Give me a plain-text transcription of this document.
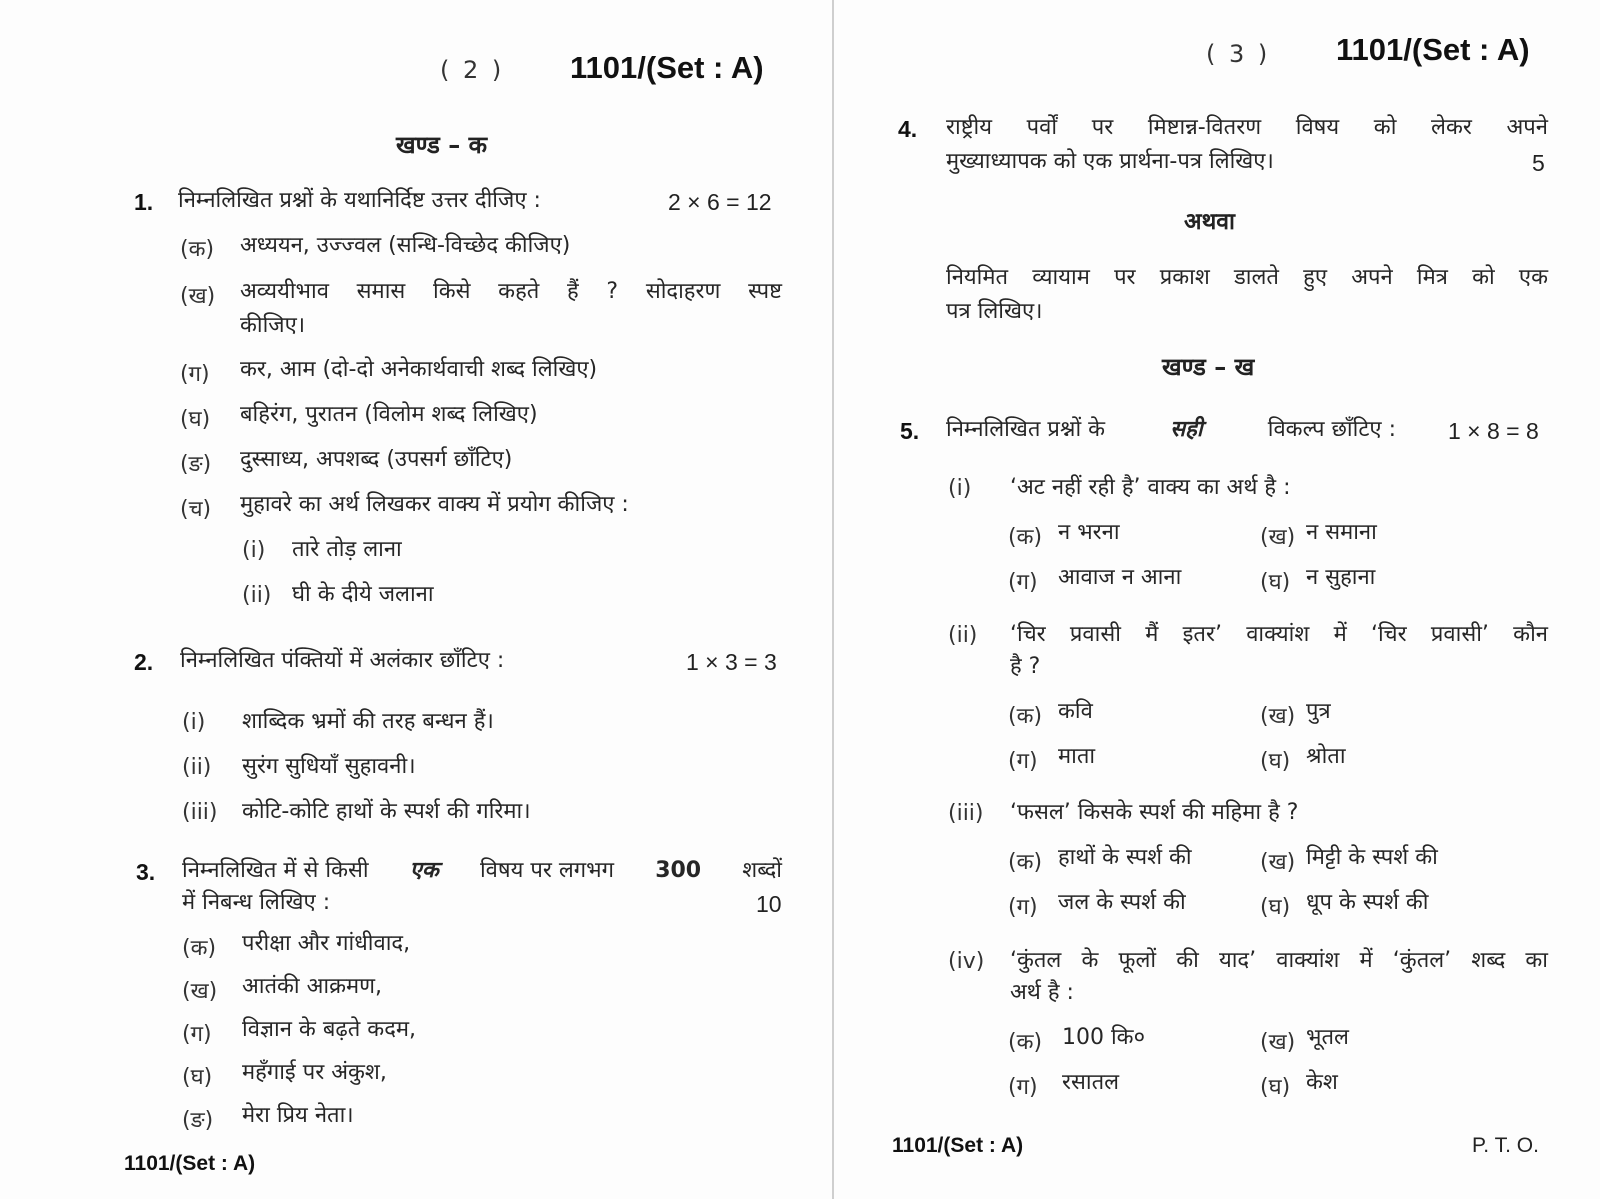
( 2 ) 1101/(Set : A)
खण्ड – क
1. निम्नलिखित प्रश्नों के यथानिर्दिष्ट उत्तर दीजिए :	2 × 6 = 12
(क) अध्ययन, उज्ज्वल (सन्धि-विच्छेद कीजिए)
(ख) अव्ययीभाव समास किसे कहते हैं ? सोदाहरण स्पष्ट
कीजिए।
(ग) कर, आम (दो-दो अनेकार्थवाची शब्द लिखिए)
(घ) बहिरंग, पुरातन (विलोम शब्द लिखिए)
(ङ) दुस्साध्य, अपशब्द (उपसर्ग छाँटिए)
(च) मुहावरे का अर्थ लिखकर वाक्य में प्रयोग कीजिए :
(i) तारे तोड़ लाना
(ii) घी के दीये जलाना
2. निम्नलिखित पंक्तियों में अलंकार छाँटिए :	1 × 3 = 3
(i) शाब्दिक भ्रमों की तरह बन्धन हैं।
(ii) सुरंग सुधियाँ सुहावनी।
(iii) कोटि-कोटि हाथों के स्पर्श की गरिमा।
3. निम्नलिखित में से किसी एक विषय पर लगभग 300 शब्दों
में निबन्ध लिखिए :	10
(क) परीक्षा और गांधीवाद,
(ख) आतंकी आक्रमण,
(ग) विज्ञान के बढ़ते कदम,
(घ) महँगाई पर अंकुश,
(ङ) मेरा प्रिय नेता।
1101/(Set : A)
( 3 ) 1101/(Set : A)
4. राष्ट्रीय पर्वों पर मिष्टान्न-वितरण विषय को लेकर अपने
मुख्याध्यापक को एक प्रार्थना-पत्र लिखिए।	5
अथवा
नियमित व्यायाम पर प्रकाश डालते हुए अपने मित्र को एक
पत्र लिखिए।
खण्ड – ख
5. निम्नलिखित प्रश्नों के	सही	विकल्प छाँटिए : 1 × 8 = 8
(i) ‘अट नहीं रही है’ वाक्य का अर्थ है :
(क) न भरना	(ख) न समाना
(ग) आवाज न आना	(घ) न सुहाना
(ii) ‘चिर प्रवासी मैं इतर’ वाक्यांश में ‘चिर प्रवासी’ कौन
है ?
(क) कवि	(ख) पुत्र
(ग) माता	(घ) श्रोता
(iii) ‘फसल’ किसके स्पर्श की महिमा है ?
(क) हाथों के स्पर्श की	(ख) मिट्टी के स्पर्श की
(ग) जल के स्पर्श की	(घ) धूप के स्पर्श की
(iv) ‘कुंतल के फूलों की याद’ वाक्यांश में ‘कुंतल’ शब्द का
अर्थ है :
(क) 100 कि०	(ख) भूतल
(ग) रसातल	(घ) केश
1101/(Set : A)	P. T. O.
